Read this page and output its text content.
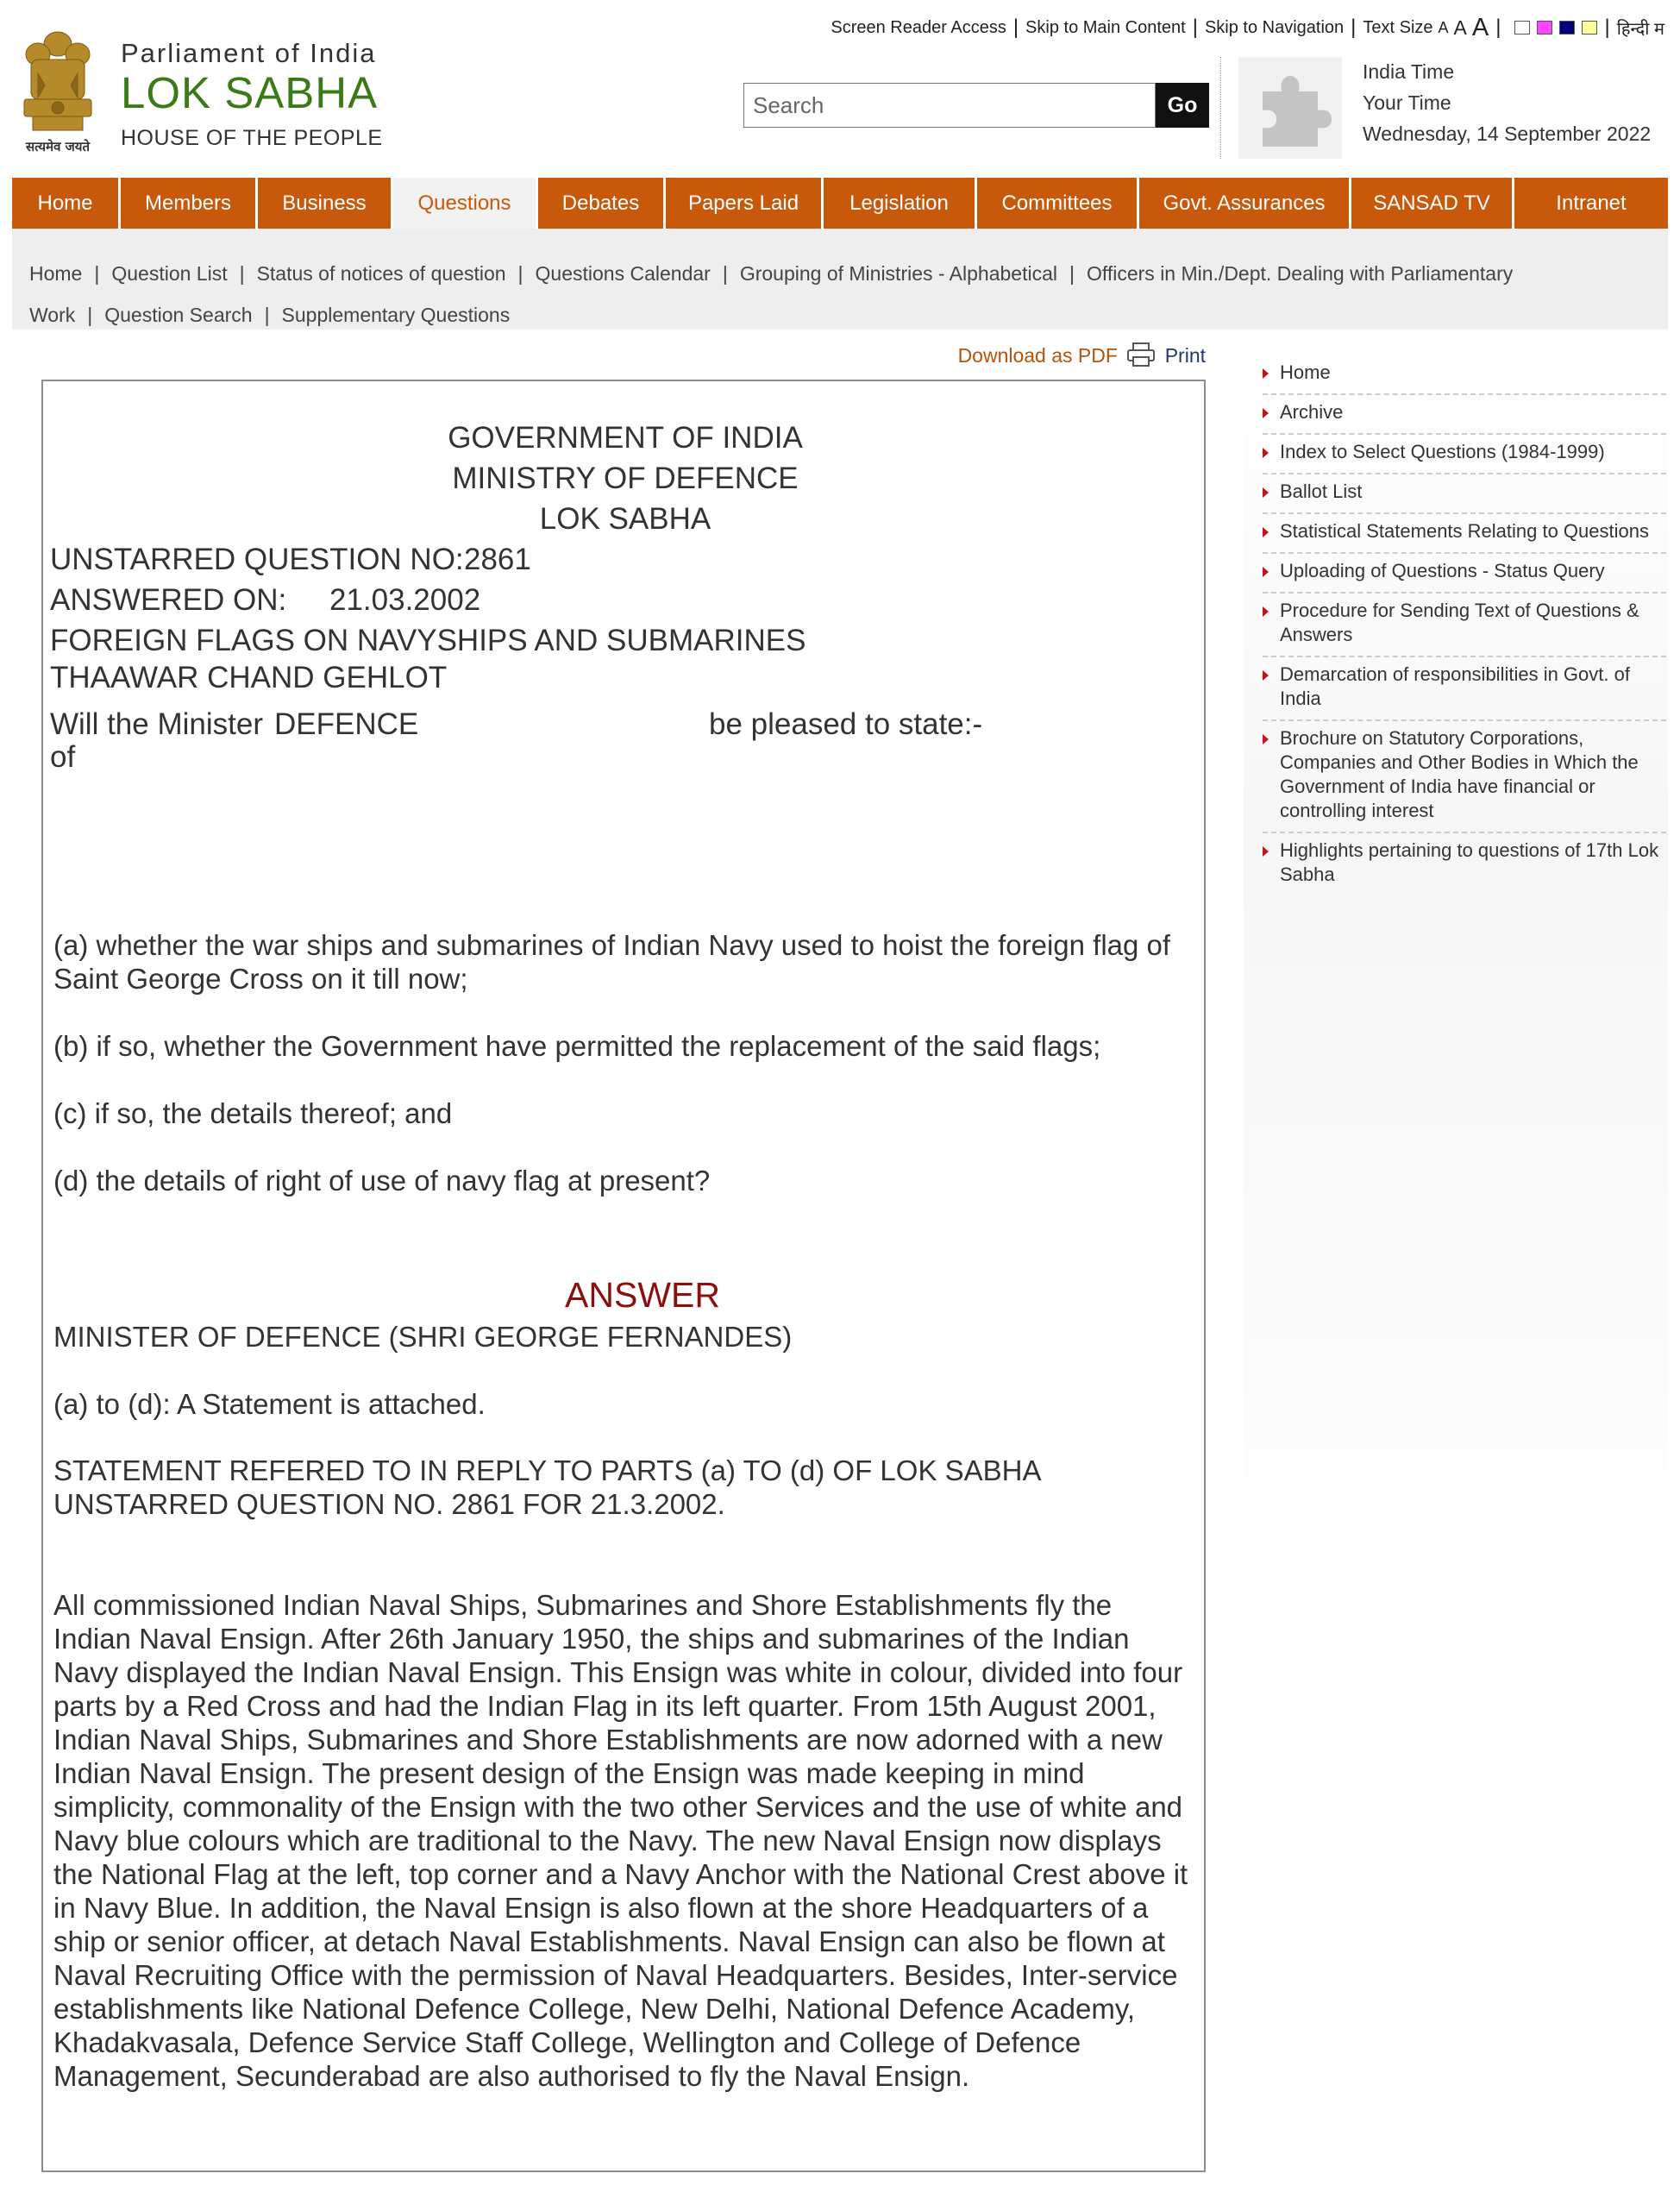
सत्यमेव जयते
Parliament of India
LOK SABHA
HOUSE OF THE PEOPLE
Screen Reader Access | Skip to Main Content | Skip to Navigation | Text Size A A A |	| हिन्दी म
Search
Go
India Time
Your Time
Wednesday, 14 September 2022
Home	Members	Business	Questions	Debates	Papers Laid	Legislation	Committees	Govt. Assurances	SANSAD TV	Intranet
Home | Question List | Status of notices of question | Questions Calendar | Grouping of Ministries - Alphabetical | Officers in Min./Dept. Dealing with Parliamentary Work | Question Search | Supplementary Questions
Download as PDF Print
GOVERNMENT OF INDIA
MINISTRY OF DEFENCE
LOK SABHA
UNSTARRED QUESTION NO: 2861
ANSWERED ON: 21.03.2002
FOREIGN FLAGS ON NAVYSHIPS AND SUBMARINES
THAAWAR CHAND GEHLOT
Will the Minister DEFENCE	be pleased to state:-
of
(a) whether the war ships and submarines of Indian Navy used to hoist the foreign flag of Saint George Cross on it till now;
(b) if so, whether the Government have permitted the replacement of the said flags;
(c) if so, the details thereof; and
(d) the details of right of use of navy flag at present?
ANSWER
MINISTER OF DEFENCE (SHRI GEORGE FERNANDES)
(a) to (d): A Statement is attached.
STATEMENT REFERED TO IN REPLY TO PARTS (a) TO (d) OF LOK SABHA UNSTARRED QUESTION NO. 2861 FOR 21.3.2002.
All commissioned Indian Naval Ships, Submarines and Shore Establishments fly the Indian Naval Ensign. After 26th January 1950, the ships and submarines of the Indian Navy displayed the Indian Naval Ensign. This Ensign was white in colour, divided into four parts by a Red Cross and had the Indian Flag in its left quarter. From 15th August 2001, Indian Naval Ships, Submarines and Shore Establishments are now adorned with a new Indian Naval Ensign. The present design of the Ensign was made keeping in mind simplicity, commonality of the Ensign with the two other Services and the use of white and Navy blue colours which are traditional to the Navy. The new Naval Ensign now displays the National Flag at the left, top corner and a Navy Anchor with the National Crest above it in Navy Blue. In addition, the Naval Ensign is also flown at the shore Headquarters of a ship or senior officer, at detach Naval Establishments. Naval Ensign can also be flown at Naval Recruiting Office with the permission of Naval Headquarters. Besides, Inter-service establishments like National Defence College, New Delhi, National Defence Academy, Khadakvasala, Defence Service Staff College, Wellington and College of Defence Management, Secunderabad are also authorised to fly the Naval Ensign.
Home
Archive
Index to Select Questions (1984-1999)
Ballot List
Statistical Statements Relating to Questions
Uploading of Questions - Status Query
Procedure for Sending Text of Questions & Answers
Demarcation of responsibilities in Govt. of India
Brochure on Statutory Corporations, Companies and Other Bodies in Which the Government of India have financial or controlling interest
Highlights pertaining to questions of 17th Lok Sabha
